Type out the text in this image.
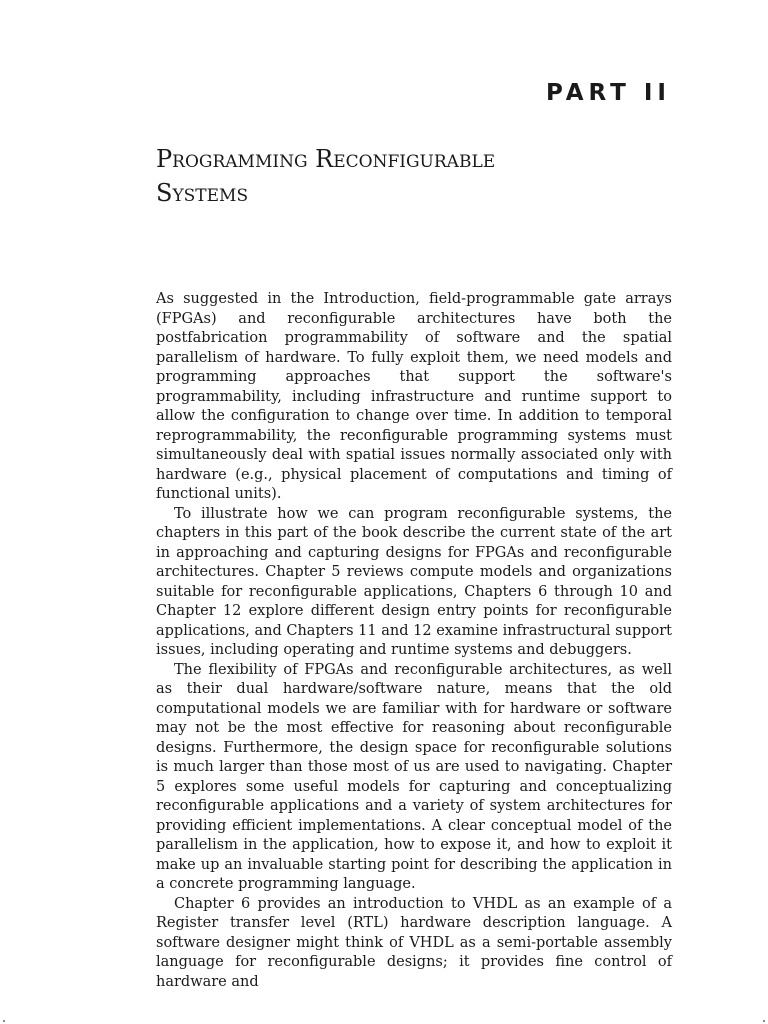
PART II
Programming Reconfigurable
Systems

As suggested in the Introduction, field-programmable gate arrays (FPGAs) and reconfigurable architectures have both the postfabrication programmability of software and the spatial parallelism of hardware. To fully exploit them, we need models and programming approaches that support the software's programmability, including infrastructure and runtime support to allow the configuration to change over time. In addition to temporal reprogrammability, the reconfigurable programming systems must simultaneously deal with spatial issues normally associated only with hardware (e.g., physical placement of computations and timing of functional units).

To illustrate how we can program reconfigurable systems, the chapters in this part of the book describe the current state of the art in approaching and capturing designs for FPGAs and reconfigurable architectures. Chapter 5 reviews compute models and organizations suitable for reconfigurable applications, Chapters 6 through 10 and Chapter 12 explore different design entry points for reconfigurable applications, and Chapters 11 and 12 examine infrastructural support issues, including operating and runtime systems and debuggers.

The flexibility of FPGAs and reconfigurable architectures, as well as their dual hardware/software nature, means that the old computational models we are familiar with for hardware or software may not be the most effective for reasoning about reconfigurable designs. Furthermore, the design space for reconfigurable solutions is much larger than those most of us are used to navigating. Chapter 5 explores some useful models for capturing and conceptualizing reconfigurable applications and a variety of system architectures for providing efficient implementations. A clear conceptual model of the parallelism in the application, how to expose it, and how to exploit it make up an invaluable starting point for describing the application in a concrete programming language.

Chapter 6 provides an introduction to VHDL as an example of a Register transfer level (RTL) hardware description language. A software designer might think of VHDL as a semi-portable assembly language for reconfigurable designs; it provides fine control of hardware and
